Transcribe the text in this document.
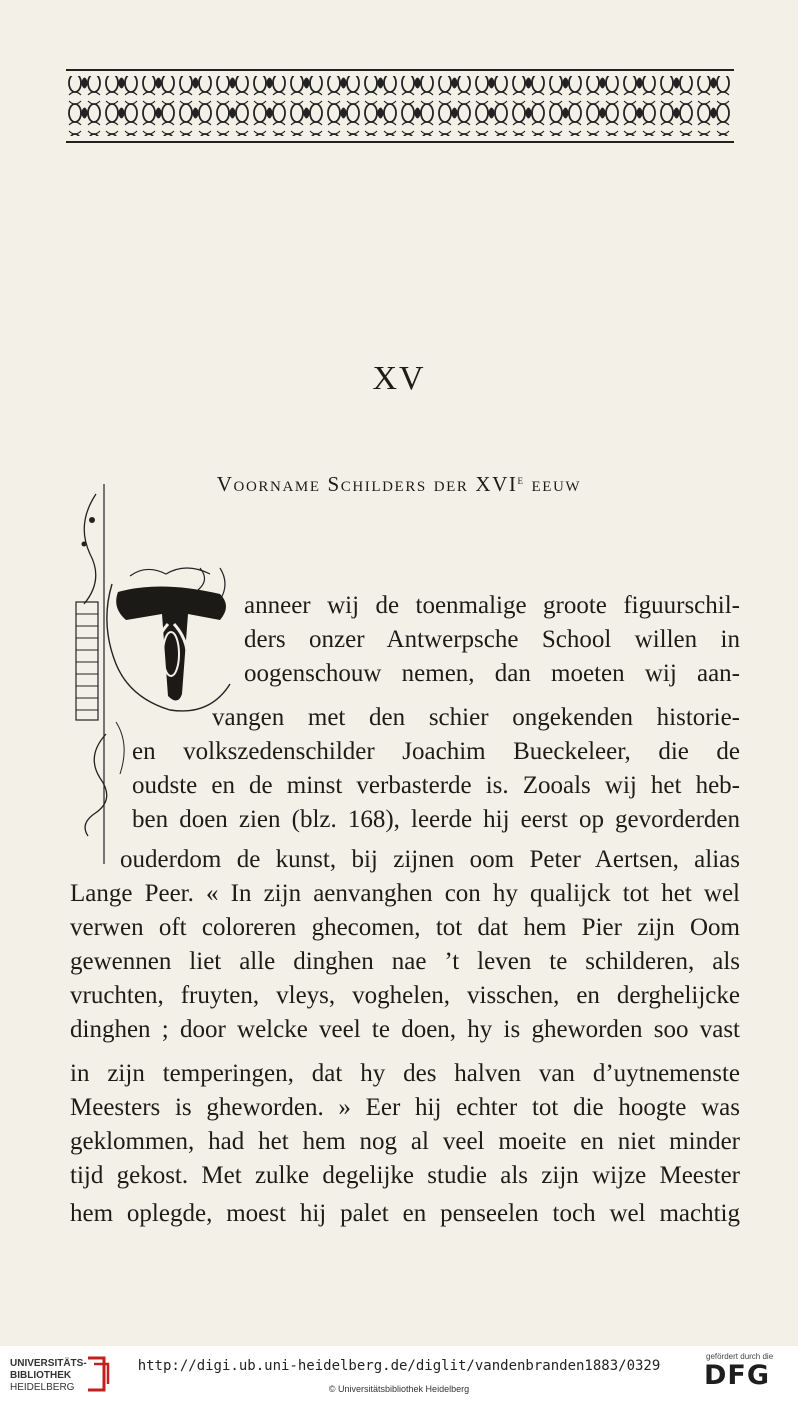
XV
Voorname Schilders der XVIe eeuw
anneer wij de toenmalige groote figuurschil-
ders onzer Antwerpsche School willen in
oogenschouw nemen, dan moeten wij aan-
vangen met den schier ongekenden historie-
en volkszedenschilder Joachim Bueckeleer, die de
oudste en de minst verbasterde is. Zooals wij het heb-
ben doen zien (blz. 168), leerde hij eerst op gevorderden
ouderdom de kunst, bij zijnen oom Peter Aertsen, alias
Lange Peer. « In zijn aenvanghen con hy qualijck tot het wel
verwen oft coloreren ghecomen, tot dat hem Pier zijn Oom
gewennen liet alle dinghen nae ’t leven te schilderen, als
vruchten, fruyten, vleys, voghelen, visschen, en derghelijcke
dinghen ; door welcke veel te doen, hy is gheworden soo vast
in zijn temperingen, dat hy des halven van d’uytnemenste
Meesters is gheworden. » Eer hij echter tot die hoogte was
geklommen, had het hem nog al veel moeite en niet minder
tijd gekost. Met zulke degelijke studie als zijn wijze Meester
hem oplegde, moest hij palet en penseelen toch wel machtig
UNIVERSITÄTS-
BIBLIOTHEK
HEIDELBERG
http://digi.ub.uni-heidelberg.de/diglit/vandenbranden1883/0329
© Universitätsbibliothek Heidelberg
gefördert durch die
DFG
